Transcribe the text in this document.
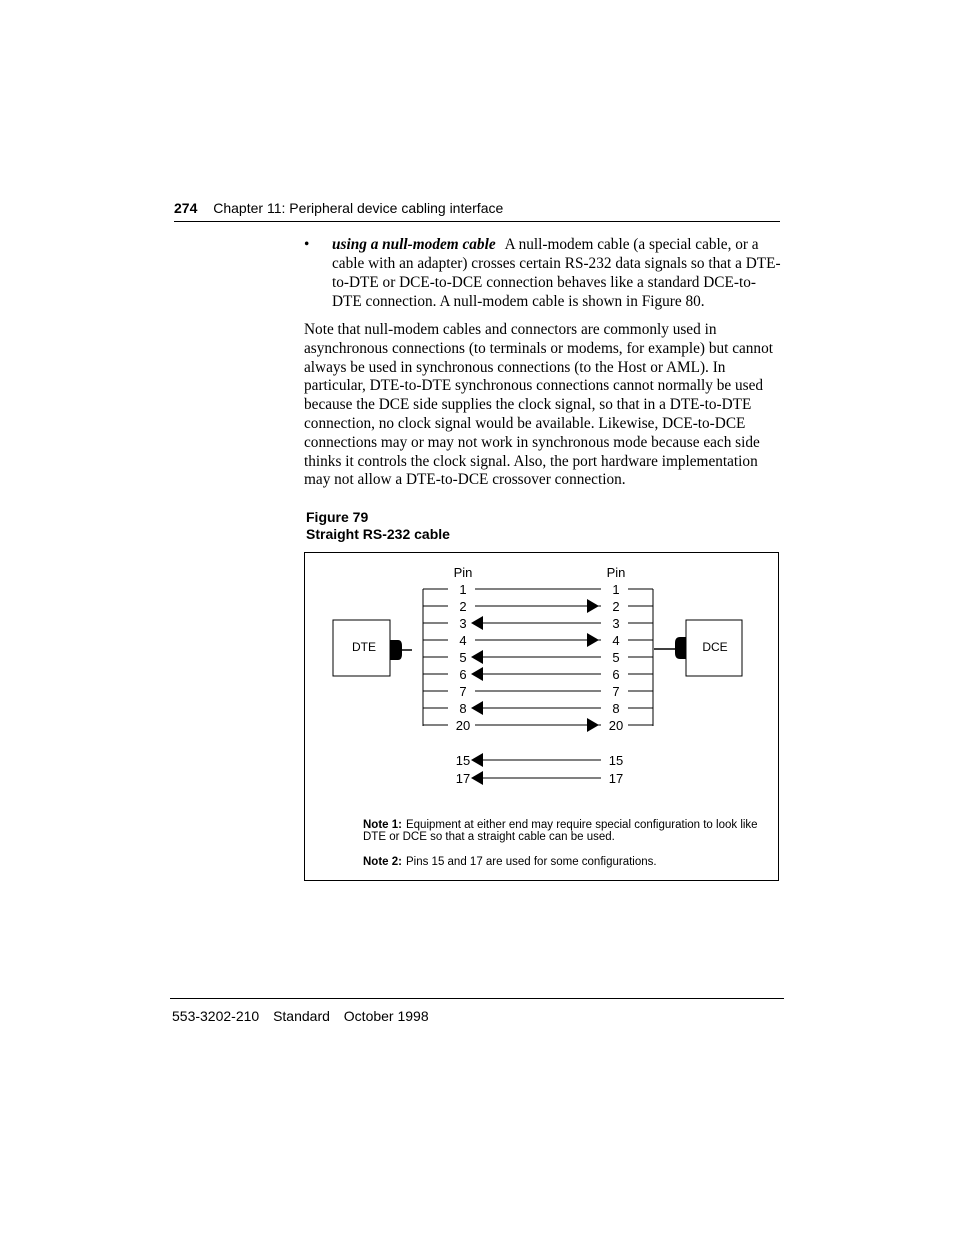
274 Chapter 11: Peripheral device cabling interface
• using a null-modem cable A null-modem cable (a special cable, or a cable with an adapter) crosses certain RS-232 data signals so that a DTE-to-DTE or DCE-to-DCE connection behaves like a standard DCE-to-DTE connection. A null-modem cable is shown in Figure 80.
Note that null-modem cables and connectors are commonly used in asynchronous connections (to terminals or modems, for example) but cannot always be used in synchronous connections (to the Host or AML). In particular, DTE-to-DTE synchronous connections cannot normally be used because the DCE side supplies the clock signal, so that in a DTE-to-DTE connection, no clock signal would be available. Likewise, DCE-to-DCE connections may or may not work in synchronous mode because each side thinks it controls the clock signal. Also, the port hardware implementation may not allow a DTE-to-DCE crossover connection.
Figure 79
Straight RS-232 cable
DTE	DCE
Pin	Pin
1	1
2	2
3	3
4	4
5	5
6	6
7	7
8	8
20	20
15	15
17	17
Note 1: Equipment at either end may require special configuration to look like DTE or DCE so that a straight cable can be used.
Note 2: Pins 15 and 17 are used for some configurations.
553-3202-210 Standard October 1998
